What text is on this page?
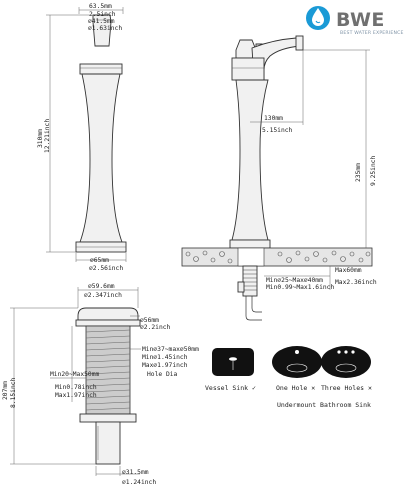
BWE
BEST WATER EXPERIENCE
63.5mm
2.5inch
⌀41.5mm
⌀1.63inch
310mm 12.21inch
⌀65mm
⌀2.56inch
130mm
5.15inch
235mm 9.25inch
Min⌀25~Max⌀40mm
Min0.99~Max1.6inch
Max60mm
Max2.36inch
⌀59.6mm
⌀2.347inch
⌀56mm
⌀2.2inch
Min⌀37~max⌀50mm
Min⌀1.45inch
Max⌀1.97inch
Hole Dia
Min20~Max50mm
Min0.78inch
Max1.97inch
207mm 8.15inch
⌀31.5mm
⌀1.24inch
Vessel Sink ✓	One Hole ✕ Three Holes ✕
Undermount Bathroom Sink
